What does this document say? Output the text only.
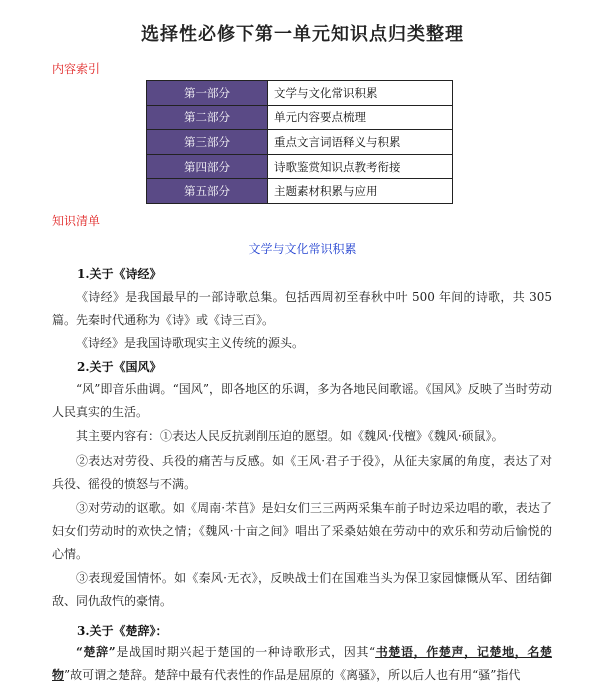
选择性必修下第一单元知识点归类整理
内容索引
第一部分	文学与文化常识积累
第二部分	单元内容要点梳理
第三部分	重点文言词语释义与积累
第四部分	诗歌鉴赏知识点教考衔接
第五部分	主题素材积累与应用
知识清单
文学与文化常识积累
1.关于《诗经》
《诗经》是我国最早的一部诗歌总集。包括西周初至春秋中叶 500 年间的诗歌，共 305 篇。先秦时代通称为《诗》或《诗三百》。
《诗经》是我国诗歌现实主义传统的源头。
2.关于《国风》
“风”即音乐曲调。“国风”，即各地区的乐调，多为各地民间歌谣。《国风》反映了当时劳动人民真实的生活。
其主要内容有：①表达人民反抗剥削压迫的愿望。如《魏风·伐檀》《魏风·硕鼠》。
②表达对劳役、兵役的痛苦与反感。如《王风·君子于役》，从征夫家属的角度，表达了对兵役、徭役的愤怒与不满。
③对劳动的讴歌。如《周南·芣苢》是妇女们三三两两采集车前子时边采边唱的歌，表达了妇女们劳动时的欢快之情；《魏风·十亩之间》唱出了采桑姑娘在劳动中的欢乐和劳动后愉悦的心情。
③表现爱国情怀。如《秦风·无衣》，反映战士们在国难当头为保卫家园慷慨从军、团结御敌、同仇敌忾的豪情。
3.关于《楚辞》：
“楚辞”是战国时期兴起于楚国的一种诗歌形式，因其“书楚语，作楚声，记楚地，名楚物”故可谓之楚辞。楚辞中最有代表性的作品是屈原的《离骚》，所以后人也有用“骚”指代
